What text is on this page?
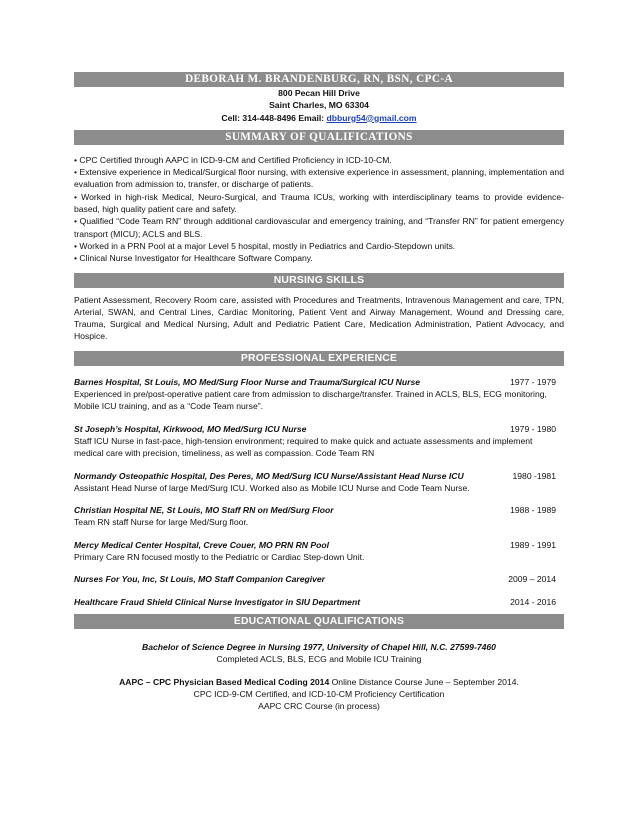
DEBORAH M. BRANDENBURG, RN, BSN, CPC-A
800 Pecan Hill Drive
Saint Charles, MO 63304
Cell: 314-448-8496 Email: dbburg54@gmail.com
SUMMARY OF QUALIFICATIONS
• CPC Certified through AAPC in ICD-9-CM and Certified Proficiency in ICD-10-CM.
• Extensive experience in Medical/Surgical floor nursing, with extensive experience in assessment, planning, implementation and evaluation from admission to, transfer, or discharge of patients.
• Worked in high-risk Medical, Neuro-Surgical, and Trauma ICUs, working with interdisciplinary teams to provide evidence-based, high quality patient care and safety.
• Qualified “Code Team RN” through additional cardiovascular and emergency training, and “Transfer RN” for patient emergency transport (MICU); ACLS and BLS.
• Worked in a PRN Pool at a major Level 5 hospital, mostly in Pediatrics and Cardio-Stepdown units.
• Clinical Nurse Investigator for Healthcare Software Company.
NURSING SKILLS
Patient Assessment, Recovery Room care, assisted with Procedures and Treatments, Intravenous Management and care, TPN, Arterial, SWAN, and Central Lines, Cardiac Monitoring, Patient Vent and Airway Management, Wound and Dressing care, Trauma, Surgical and Medical Nursing, Adult and Pediatric Patient Care, Medication Administration, Patient Advocacy, and Hospice.
PROFESSIONAL EXPERIENCE
Barnes Hospital, St Louis, MO Med/Surg Floor Nurse and Trauma/Surgical ICU Nurse	1977 - 1979
Experienced in pre/post-operative patient care from admission to discharge/transfer. Trained in ACLS, BLS, ECG monitoring, Mobile ICU training, and as a “Code Team nurse”.
St Joseph’s Hospital, Kirkwood, MO Med/Surg ICU Nurse	1979 - 1980
Staff ICU Nurse in fast-pace, high-tension environment; required to make quick and actuate assessments and implement medical care with precision, timeliness, as well as compassion. Code Team RN
Normandy Osteopathic Hospital, Des Peres, MO Med/Surg ICU Nurse/Assistant Head Nurse ICU	1980 -1981
Assistant Head Nurse of large Med/Surg ICU. Worked also as Mobile ICU Nurse and Code Team Nurse.
Christian Hospital NE, St Louis, MO Staff RN on Med/Surg Floor	1988 - 1989
Team RN staff Nurse for large Med/Surg floor.
Mercy Medical Center Hospital, Creve Couer, MO PRN RN Pool	1989 - 1991
Primary Care RN focused mostly to the Pediatric or Cardiac Step-down Unit.
Nurses For You, Inc, St Louis, MO Staff Companion Caregiver	2009 – 2014
Healthcare Fraud Shield Clinical Nurse Investigator in SIU Department	2014 - 2016
EDUCATIONAL QUALIFICATIONS
Bachelor of Science Degree in Nursing 1977, University of Chapel Hill, N.C. 27599-7460
Completed ACLS, BLS, ECG and Mobile ICU Training
AAPC – CPC Physician Based Medical Coding 2014 Online Distance Course June – September 2014.
CPC ICD-9-CM Certified, and ICD-10-CM Proficiency Certification
AAPC CRC Course (in process)
